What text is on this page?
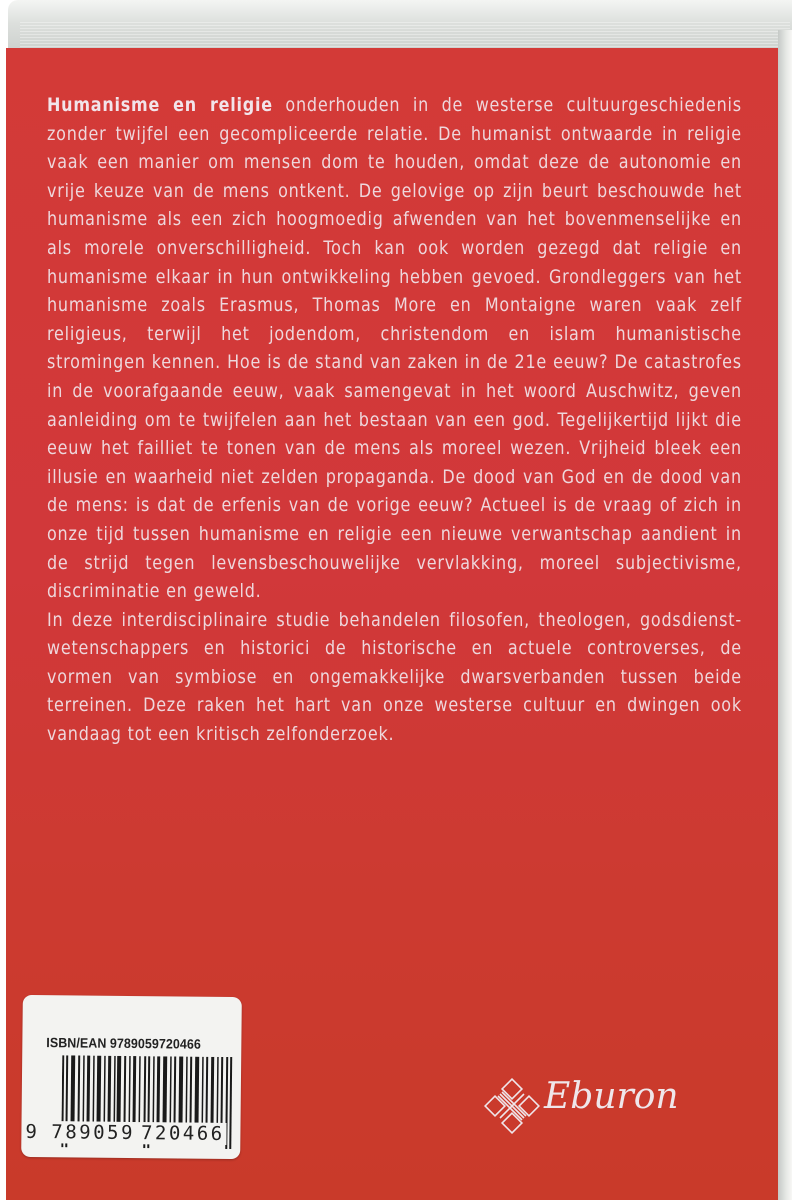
Humanisme en religie onderhouden in de westerse cultuurgeschiedenis zonder twijfel een gecompliceerde relatie. De humanist ontwaarde in religie vaak een manier om mensen dom te houden, omdat deze de autonomie en vrije keuze van de mens ontkent. De gelovige op zijn beurt beschouwde het humanisme als een zich hoogmoedig afwenden van het bovenmenselijke en als morele onverschilligheid. Toch kan ook worden gezegd dat religie en humanisme elkaar in hun ontwikkeling hebben gevoed. Grondleggers van het humanisme zoals Erasmus, Thomas More en Montaigne waren vaak zelf religieus, terwijl het jodendom, christendom en islam humanistische stromingen kennen. Hoe is de stand van zaken in de 21e eeuw? De catastrofes in de voorafgaande eeuw, vaak samengevat in het woord Auschwitz, geven aanleiding om te twijfelen aan het bestaan van een god. Tegelijkertijd lijkt die eeuw het failliet te tonen van de mens als moreel wezen. Vrijheid bleek een illusie en waarheid niet zelden propaganda. De dood van God en de dood van de mens: is dat de erfenis van de vorige eeuw? Actueel is de vraag of zich in onze tijd tussen humanisme en religie een nieuwe verwantschap aandient in de strijd tegen levensbeschouwelijke vervlakking, moreel subjectivisme, discriminatie en geweld.

In deze interdisciplinaire studie behandelen filosofen, theologen, godsdienst-wetenschappers en historici de historische en actuele controverses, de vormen van symbiose en ongemakkelijke dwarsverbanden tussen beide terreinen. Deze raken het hart van onze westerse cultuur en dwingen ook vandaag tot een kritisch zelfonderzoek.

ISBN/EAN 9789059720466
9 789059 720466
Eburon
